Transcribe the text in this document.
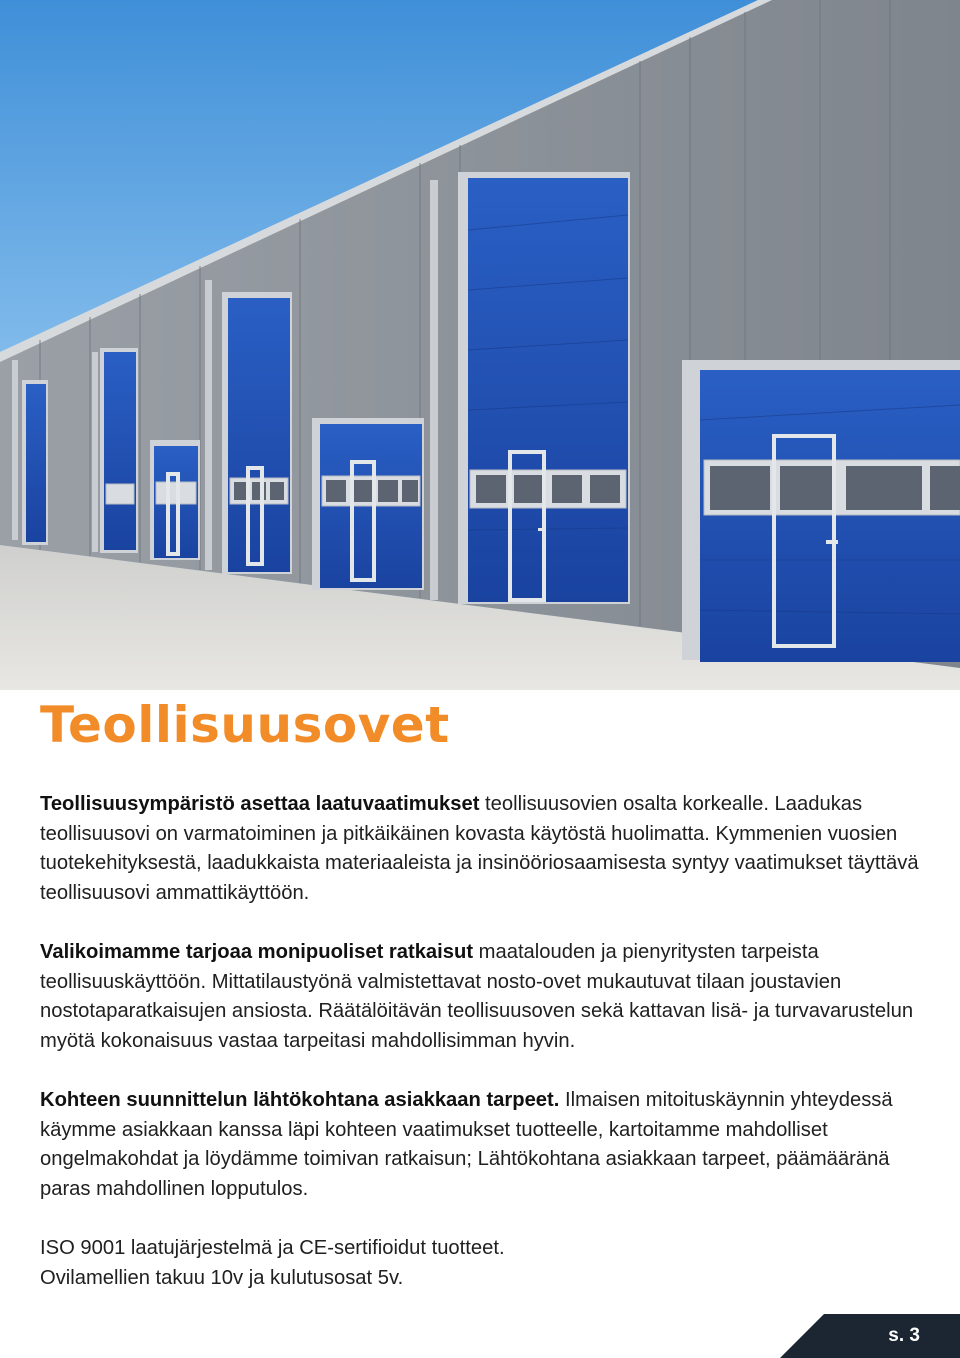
Teollisuusovet

Teollisuusympäristö asettaa laatuvaatimukset teollisuusovien osalta korkealle. Laadukas teollisuusovi on varmatoiminen ja pitkäikäinen kovasta käytöstä huolimatta. Kymmenien vuosien tuotekehityksestä, laadukkaista materiaaleista ja insinööriosaamisesta syntyy vaatimukset täyttävä teollisuusovi ammattikäyttöön.

Valikoimamme tarjoaa monipuoliset ratkaisut maatalouden ja pienyritysten tarpeista teollisuuskäyttöön. Mittatilaustyönä valmistettavat nosto-ovet mukautuvat tilaan joustavien nostotaparatkaisujen ansiosta. Räätälöitävän teollisuusoven sekä kattavan lisä- ja turvavarustelun myötä kokonaisuus vastaa tarpeitasi mahdollisimman hyvin.

Kohteen suunnittelun lähtökohtana asiakkaan tarpeet. Ilmaisen mitoituskäynnin yhteydessä käymme asiakkaan kanssa läpi kohteen vaatimukset tuotteelle, kartoitamme mahdolliset ongelmakohdat ja löydämme toimivan ratkaisun; Lähtökohtana asiakkaan tarpeet, päämääränä paras mahdollinen lopputulos.

ISO 9001 laatujärjestelmä ja CE-sertifioidut tuotteet.

Ovilamellien takuu 10v ja kulutusosat 5v.

s. 3
